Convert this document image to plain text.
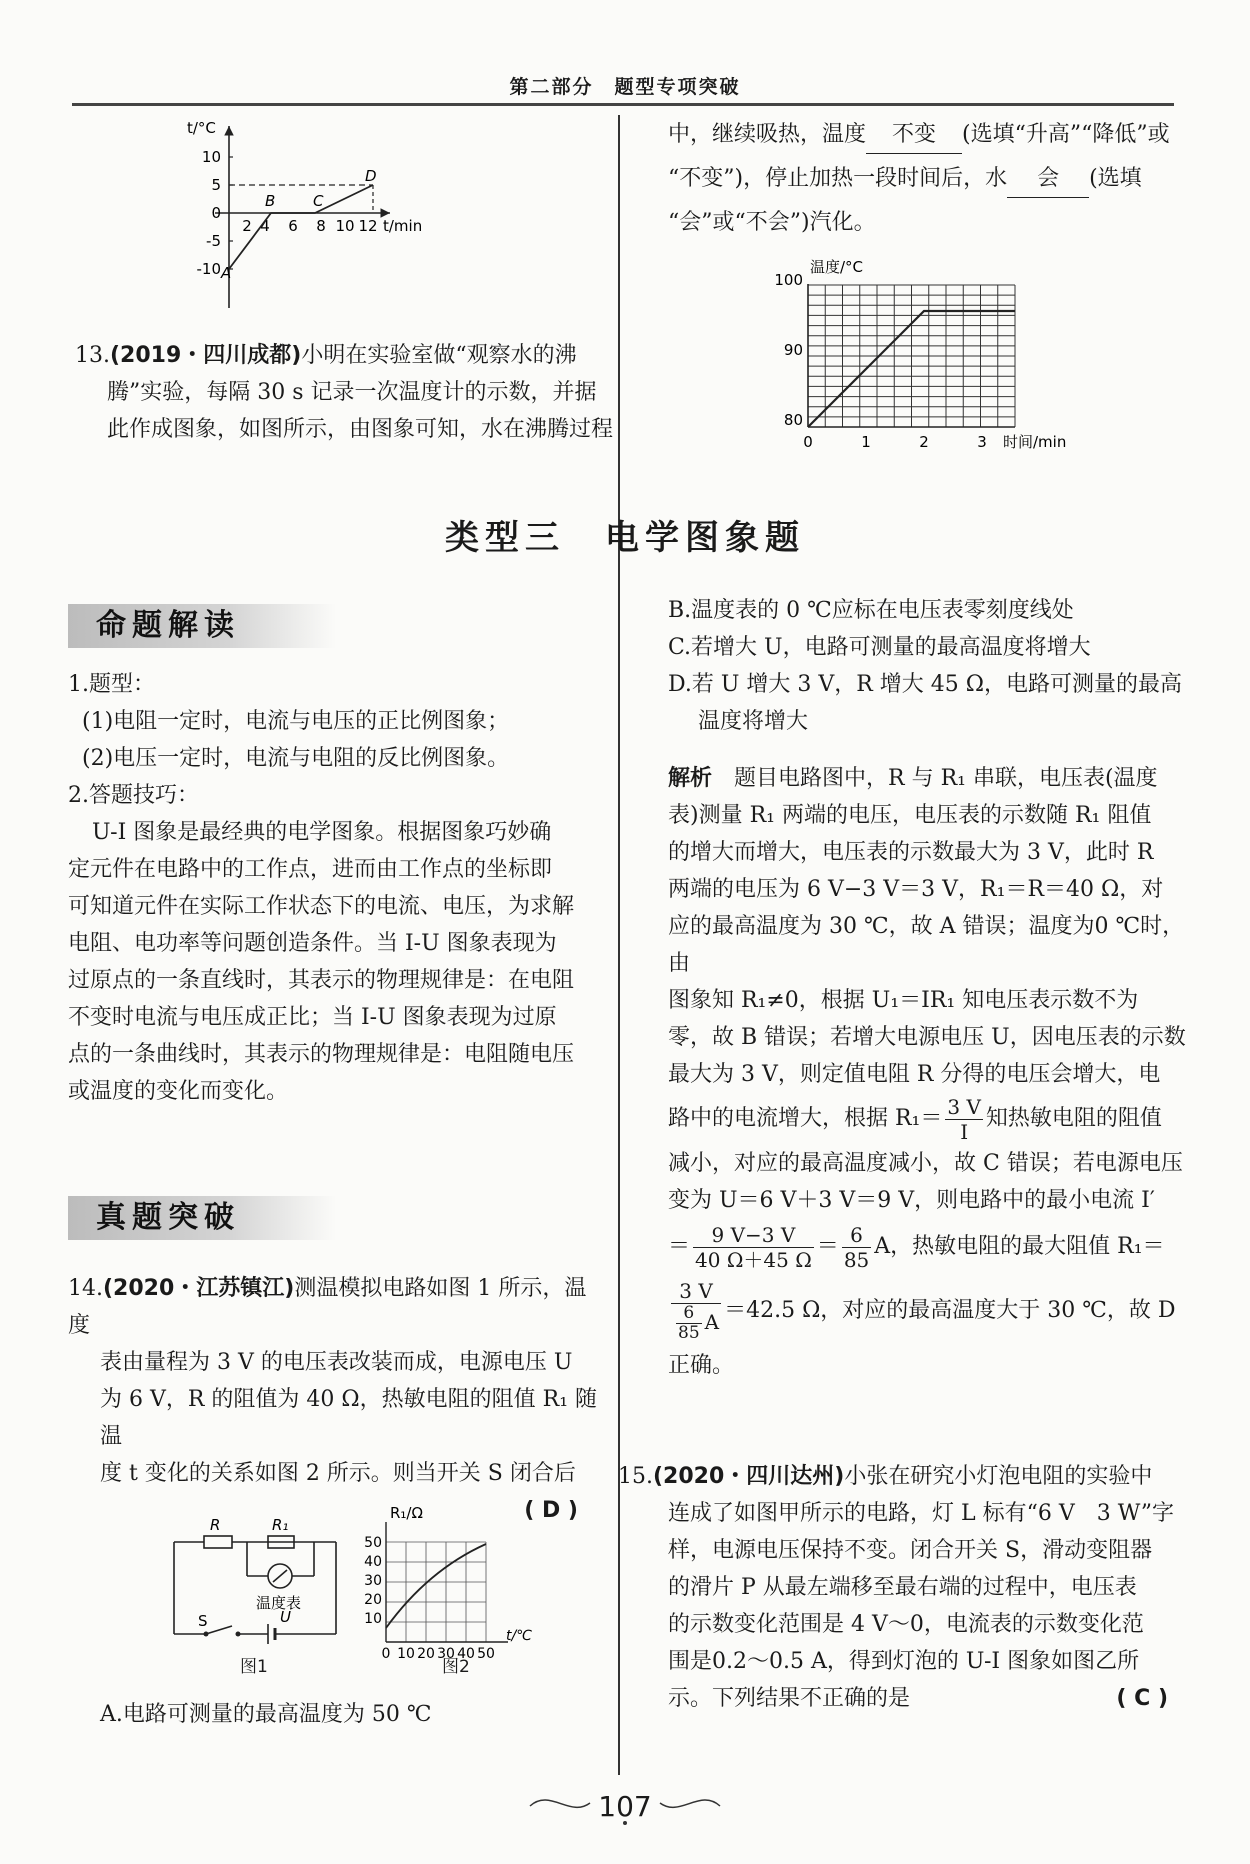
第二部分　题型专项突破
t/°C
t/min
10
5
0
-5
-10
2 4 6 8 10 12
A
B	C
D
13.(2019・四川成都)小明在实验室做“观察水的沸
腾”实验，每隔 30 s 记录一次温度计的示数，并据
此作成图象，如图所示，由图象可知，水在沸腾过程
中，继续吸热，温度 不变 (选填“升高”“降低”或
“不变”)，停止加热一段时间后，水 会 (选填
“会”或“不会”)汽化。
温度/°C
100
90
80
0	1	2	3 时间/min
类型三　电学图象题
命题解读
1.题型：
(1)电阻一定时，电流与电压的正比例图象；
(2)电压一定时，电流与电阻的反比例图象。
2.答题技巧：
U-I 图象是最经典的电学图象。根据图象巧妙确
定元件在电路中的工作点，进而由工作点的坐标即
可知道元件在实际工作状态下的电流、电压，为求解
电阻、电功率等问题创造条件。当 I-U 图象表现为
过原点的一条直线时，其表示的物理规律是：在电阻
不变时电流与电压成正比；当 I-U 图象表现为过原
点的一条曲线时，其表示的物理规律是：电阻随电压
或温度的变化而变化。
真题突破
14.(2020・江苏镇江)测温模拟电路如图 1 所示，温度
表由量程为 3 V 的电压表改装而成，电源电压 U
为 6 V，R 的阻值为 40 Ω，热敏电阻的阻值 R₁ 随温
度 t 变化的关系如图 2 所示。则当开关 S 闭合后
( D )
R	R₁
S	U
温度表
图1
R₁/Ω
50
40
30
20
10
0 10 20 30 40 50
t/℃
图2
A.电路可测量的最高温度为 50 ℃
B.温度表的 0 ℃应标在电压表零刻度线处
C.若增大 U，电路可测量的最高温度将增大
D.若 U 增大 3 V，R 增大 45 Ω，电路可测量的最高
温度将增大
解析 题目电路图中，R 与 R₁ 串联，电压表(温度
表)测量 R₁ 两端的电压，电压表的示数随 R₁ 阻值
的增大而增大，电压表的示数最大为 3 V，此时 R
两端的电压为 6 V−3 V＝3 V，R₁＝R＝40 Ω，对
应的最高温度为 30 ℃，故 A 错误；温度为0 ℃时，由
图象知 R₁≠0，根据 U₁＝IR₁ 知电压表示数不为
零，故 B 错误；若增大电源电压 U，因电压表的示数
最大为 3 V，则定值电阻 R 分得的电压会增大，电
路中的电流增大，根据 $R_1= \frac{3 V}{I}$ 知热敏电阻的阻值
减小，对应的最高温度减小，故 C 错误；若电源电压
变为 U＝6 V＋3 V＝9 V，则电路中的最小电流 I′
＝ $\frac{9 V-3 V}{40 \Omega+45 \Omega} = \frac{6}{85}$ A，热敏电阻的最大阻值 R₁＝
$\frac{3 V}{\frac{6}{85} A} =42.5$ Ω，对应的最高温度大于 30 ℃，故 D
正确。
15.(2020・四川达州)小张在研究小灯泡电阻的实验中
连成了如图甲所示的电路，灯 L 标有“6 V　3 W”字
样，电源电压保持不变。闭合开关 S，滑动变阻器
的滑片 P 从最左端移至最右端的过程中，电压表
的示数变化范围是 4 V～0，电流表的示数变化范
围是0.2～0.5 A，得到灯泡的 U-I 图象如图乙所
示。下列结果不正确的是	( C )
107
